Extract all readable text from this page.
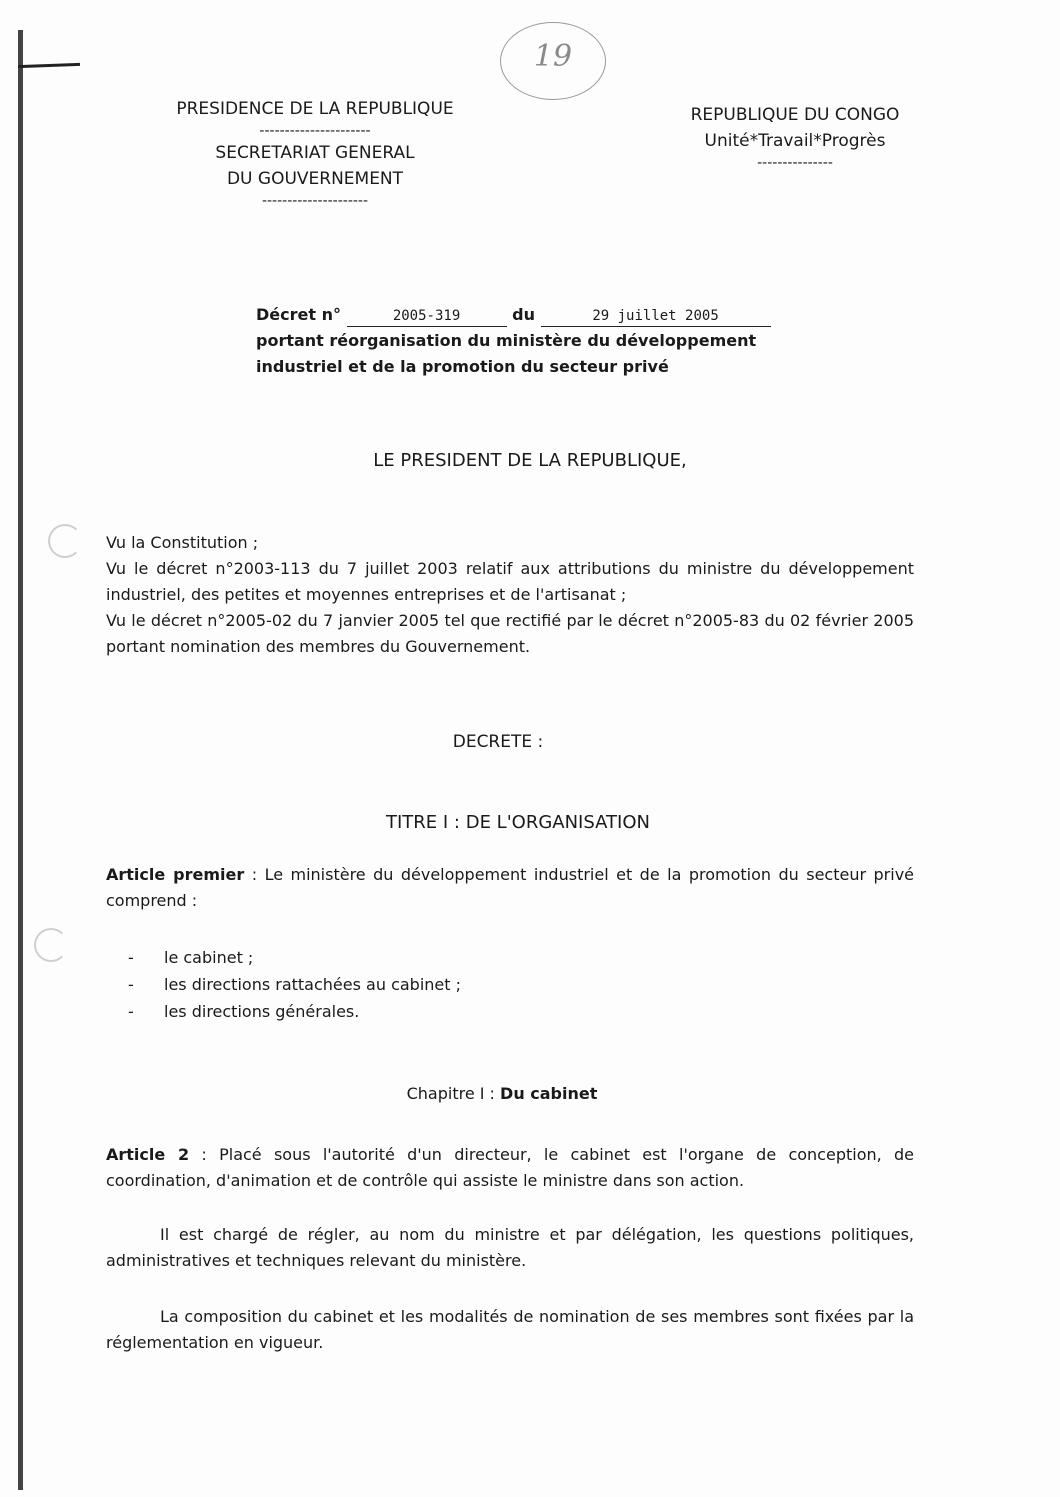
19
PRESIDENCE DE LA REPUBLIQUE
----------------------
SECRETARIAT GENERAL
DU GOUVERNEMENT
---------------------
REPUBLIQUE DU CONGO
Unité*Travail*Progrès
---------------
Décret n°	2005-319	du	29 juillet 2005
portant réorganisation du ministère du développement
industriel et de la promotion du secteur privé
LE PRESIDENT DE LA REPUBLIQUE,
Vu la Constitution ;
Vu le décret n°2003-113 du 7 juillet 2003 relatif aux attributions du ministre du développement industriel, des petites et moyennes entreprises et de l'artisanat ;
Vu le décret n°2005-02 du 7 janvier 2005 tel que rectifié par le décret n°2005-83 du 02 février 2005 portant nomination des membres du Gouvernement.
DECRETE :
TITRE I : DE L'ORGANISATION
Article premier : Le ministère du développement industriel et de la promotion du secteur privé comprend :
- le cabinet ;
- les directions rattachées au cabinet ;
- les directions générales.
Chapitre I : Du cabinet
Article 2 : Placé sous l'autorité d'un directeur, le cabinet est l'organe de conception, de coordination, d'animation et de contrôle qui assiste le ministre dans son action.
Il est chargé de régler, au nom du ministre et par délégation, les questions politiques, administratives et techniques relevant du ministère.
La composition du cabinet et les modalités de nomination de ses membres sont fixées par la réglementation en vigueur.
